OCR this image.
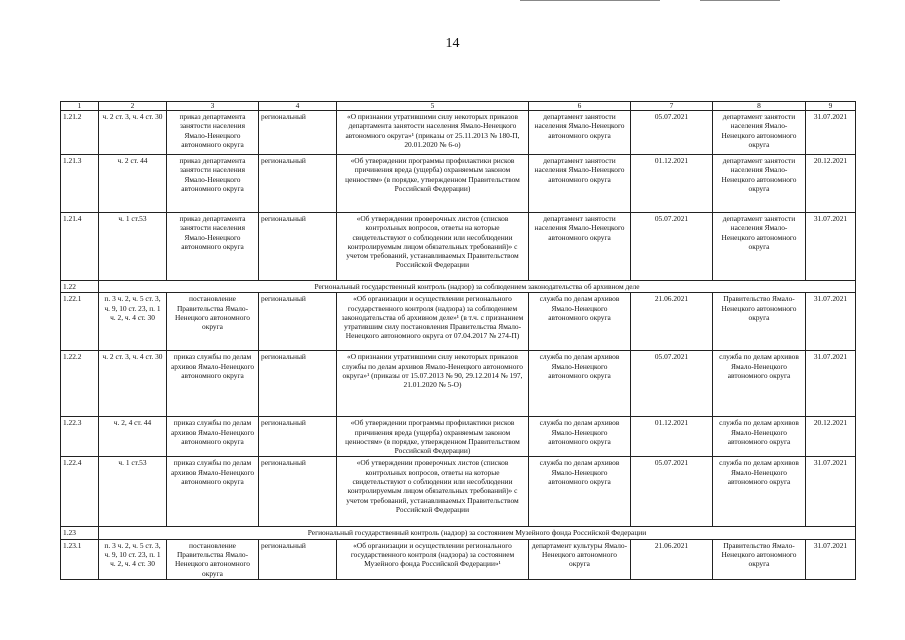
14
1	2	3	4	5	6	7	8	9
1.21.2	ч. 2 ст. 3, ч. 4 ст. 30	приказ департамента занятости населения Ямало-Ненецкого автономного округа	региональный	«О признании утратившими силу некоторых приказов департамента занятости населения Ямало-Ненецкого автономного округа»¹ (приказы от 25.11.2013 № 180-П, 20.01.2020 № 6-о)	департамент занятости населения Ямало-Ненецкого автономного округа	05.07.2021	департамент занятости населения Ямало-Ненецкого автономного округа	31.07.2021
1.21.3	ч. 2 ст. 44	приказ департамента занятости населения Ямало-Ненецкого автономного округа	региональный	«Об утверждении программы профилактики рисков причинения вреда (ущерба) охраняемым законом ценностям» (в порядке, утвержденном Правительством Российской Федерации)	департамент занятости населения Ямало-Ненецкого автономного округа	01.12.2021	департамент занятости населения Ямало-Ненецкого автономного округа	20.12.2021
1.21.4	ч. 1 ст.53	приказ департамента занятости населения Ямало-Ненецкого автономного округа	региональный	«Об утверждении проверочных листов (списков контрольных вопросов, ответы на которые свидетельствуют о соблюдении или несоблюдении контролируемым лицом обязательных требований)» с учетом требований, устанавливаемых Правительством Российской Федерации	департамент занятости населения Ямало-Ненецкого автономного округа	05.07.2021	департамент занятости населения Ямало-Ненецкого автономного округа	31.07.2021
1.22	Региональный государственный контроль (надзор) за соблюдением законодательства об архивном деле							
1.22.1	п. 3 ч. 2, ч. 5 ст. 3, ч. 9, 10 ст. 23, п. 1 ч. 2, ч. 4 ст. 30	постановление Правительства Ямало-Ненецкого автономного округа	региональный	«Об организации и осуществлении регионального государственного контроля (надзора) за соблюдением законодательства об архивном деле»¹ (в т.ч. с признанием утратившим силу постановления Правительства Ямало-Ненецкого автономного округа от 07.04.2017 № 274-П)	служба по делам архивов Ямало-Ненецкого автономного округа	21.06.2021	Правительство Ямало-Ненецкого автономного округа	31.07.2021
1.22.2	ч. 2 ст. 3, ч. 4 ст. 30	приказ службы по делам архивов Ямало-Ненецкого автономного округа	региональный	«О признании утратившими силу некоторых приказов службы по делам архивов Ямало-Ненецкого автономного округа»¹ (приказы от 15.07.2013 № 90, 29.12.2014 № 197, 21.01.2020 № 5-О)	служба по делам архивов Ямало-Ненецкого автономного округа	05.07.2021	служба по делам архивов Ямало-Ненецкого автономного округа	31.07.2021
1.22.3	ч. 2, 4 ст. 44	приказ службы по делам архивов Ямало-Ненецкого автономного округа	региональный	«Об утверждении программы профилактики рисков причинения вреда (ущерба) охраняемым законом ценностям» (в порядке, утвержденном Правительством Российской Федерации)	служба по делам архивов Ямало-Ненецкого автономного округа	01.12.2021	служба по делам архивов Ямало-Ненецкого автономного округа	20.12.2021
1.22.4	ч. 1 ст.53	приказ службы по делам архивов Ямало-Ненецкого автономного округа	региональный	«Об утверждении проверочных листов (списков контрольных вопросов, ответы на которые свидетельствуют о соблюдении или несоблюдении контролируемым лицом обязательных требований)» с учетом требований, устанавливаемых Правительством Российской Федерации	служба по делам архивов Ямало-Ненецкого автономного округа	05.07.2021	служба по делам архивов Ямало-Ненецкого автономного округа	31.07.2021
1.23	Региональный государственный контроль (надзор) за состоянием Музейного фонда Российской Федерации							
1.23.1	п. 3 ч. 2, ч. 5 ст. 3, ч. 9, 10 ст. 23, п. 1 ч. 2, ч. 4 ст. 30	постановление Правительства Ямало-Ненецкого автономного округа	региональный	«Об организации и осуществлении регионального государственного контроля (надзора) за состоянием Музейного фонда Российской Федерации»¹	департамент культуры Ямало-Ненецкого автономного округа	21.06.2021	Правительство Ямало-Ненецкого автономного округа	31.07.2021
